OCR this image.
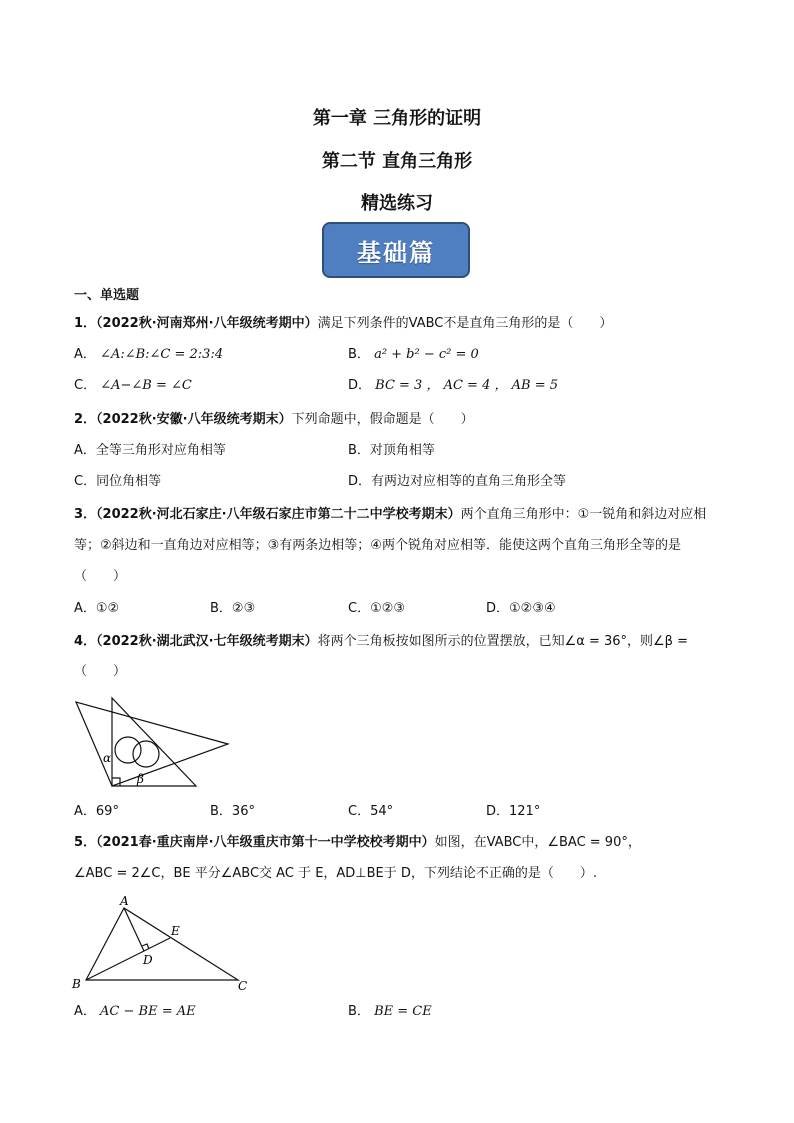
第一章 三角形的证明
第二节 直角三角形
精选练习
基础篇
一、单选题
1．（2022秋·河南郑州·八年级统考期中）满足下列条件的VABC不是直角三角形的是（　　）
A． ∠A:∠B:∠C = 2:3:4	B． a² + b² − c² = 0
C． ∠A−∠B = ∠C	D． BC = 3 ， AC = 4 ， AB = 5
2．（2022秋·安徽·八年级统考期末）下列命题中，假命题是（　　）
A．全等三角形对应角相等	B．对顶角相等
C．同位角相等	D．有两边对应相等的直角三角形全等
3．（2022秋·河北石家庄·八年级石家庄市第二十二中学校考期末）两个直角三角形中：①一锐角和斜边对应相等；②斜边和一直角边对应相等；③有两条边相等；④两个锐角对应相等．能使这两个直角三角形全等的是（　　）
A．①②	B．②③	C．①②③	D．①②③④
4．（2022秋·湖北武汉·七年级统考期末）将两个三角板按如图所示的位置摆放，已知∠α = 36°，则∠β =
（　　）
α
β
A．69°	B．36°	C．54°	D．121°
5．（2021春·重庆南岸·八年级重庆市第十一中学校校考期中）如图，在VABC中，∠BAC = 90°，
∠ABC = 2∠C，BE 平分∠ABC交 AC 于 E，AD⊥BE于 D，下列结论不正确的是（　　）.
A
B	C
D
E
A． AC − BE = AE	B． BE = CE
